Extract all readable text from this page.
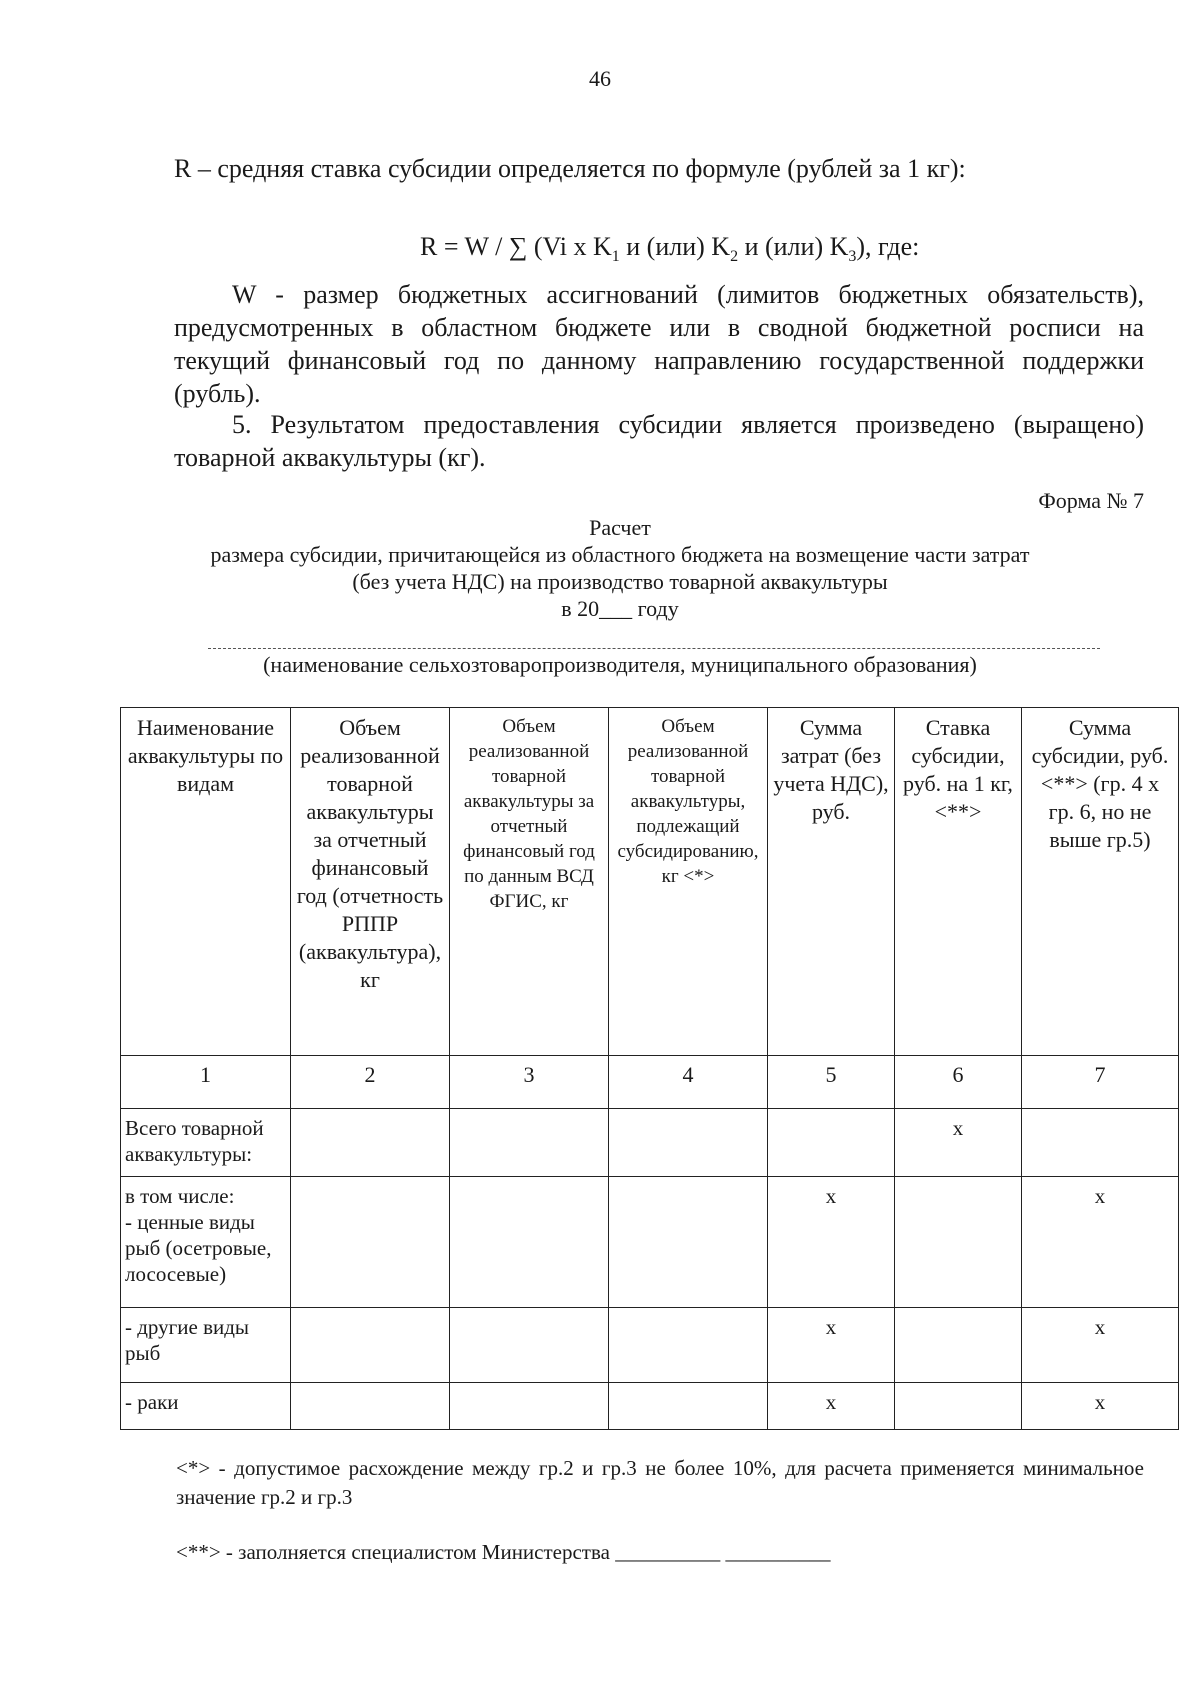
46
R – средняя ставка субсидии определяется по формуле (рублей за 1 кг):
R = W / ∑ (Vi x $K_1$ и (или) $K_2$ и (или) $K_3$), где:
W - размер бюджетных ассигнований (лимитов бюджетных обязательств), предусмотренных в областном бюджете или в сводной бюджетной росписи на текущий финансовый год по данному направлению государственной поддержки (рубль).
5. Результатом предоставления субсидии является произведено (выращено) товарной аквакультуры (кг).
Форма № 7
Расчет
размера субсидии, причитающейся из областного бюджета на возмещение части затрат
(без учета НДС) на производство товарной аквакультуры
в 20___ году
(наименование сельхозтоваропроизводителя, муниципального образования)
Наименование аквакультуры по видам	Объем реализованной товарной аквакультуры за отчетный финансовый год (отчетность РППР (аквакультура), кг	Объем реализованной товарной аквакультуры за отчетный финансовый год по данным ВСД ФГИС, кг	Объем реализованной товарной аквакультуры, подлежащий субсидированию, кг <*>	Сумма затрат (без учета НДС), руб.	Ставка субсидии, руб. на 1 кг, <**>	Сумма субсидии, руб. <**> (гр. 4 х гр. 6, но не выше гр.5)
1	2	3	4	5	6	7
Всего товарной аквакультуры:					х	
в том числе:
- ценные виды рыб (осетровые, лососевые)				х		х
- другие виды рыб				х		х
- раки				х		х
<*> - допустимое расхождение между гр.2 и гр.3 не более 10%, для расчета применяется минимальное значение гр.2 и гр.3
<**> - заполняется специалистом Министерства __________ __________
